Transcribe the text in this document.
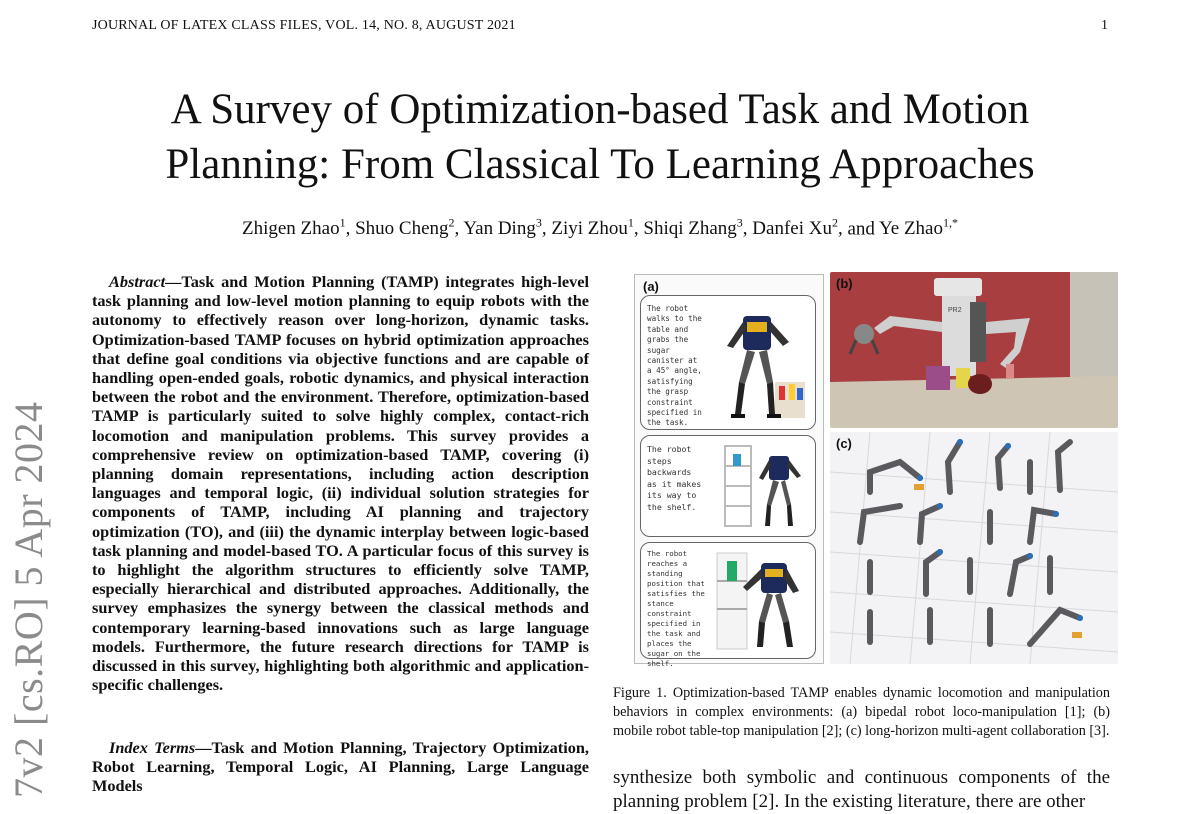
JOURNAL OF LATEX CLASS FILES, VOL. 14, NO. 8, AUGUST 2021	1
A Survey of Optimization-based Task and Motion
Planning: From Classical To Learning Approaches
Zhigen Zhao$^1$, Shuo Cheng$^2$, Yan Ding$^3$, Ziyi Zhou$^1$, Shiqi Zhang$^3$, Danfei Xu$^2$, and Ye Zhao$^{1,*}$
7v2 [cs.RO] 5 Apr 2024

Abstract—Task and Motion Planning (TAMP) integrates high-level task planning and low-level motion planning to equip robots with the autonomy to effectively reason over long-horizon, dynamic tasks. Optimization-based TAMP focuses on hybrid optimization approaches that define goal conditions via objective functions and are capable of handling open-ended goals, robotic dynamics, and physical interaction between the robot and the environment. Therefore, optimization-based TAMP is particularly suited to solve highly complex, contact-rich locomotion and manipulation problems. This survey provides a comprehensive review on optimization-based TAMP, covering (i) planning domain representations, including action description languages and temporal logic, (ii) individual solution strategies for components of TAMP, including AI planning and trajectory optimization (TO), and (iii) the dynamic interplay between logic-based task planning and model-based TO. A particular focus of this survey is to highlight the algorithm structures to efficiently solve TAMP, especially hierarchical and distributed approaches. Additionally, the survey emphasizes the synergy between the classical methods and contemporary learning-based innovations such as large language models. Furthermore, the future research directions for TAMP is discussed in this survey, highlighting both algorithmic and application-specific challenges.

Index Terms—Task and Motion Planning, Trajectory Optimization, Robot Learning, Temporal Logic, AI Planning, Large Language Models

(a)
The robot walks to the table and grabs the sugar canister at a 45° angle, satisfying the grasp constraint specified in the task.
The robot steps backwards as it makes its way to the shelf.
The robot reaches a standing position that satisfies the stance constraint specified in the task and places the sugar on the shelf.
PR2
(b)
(c)

Figure 1. Optimization-based TAMP enables dynamic locomotion and manipulation behaviors in complex environments: (a) bipedal robot loco-manipulation [1]; (b) mobile robot table-top manipulation [2]; (c) long-horizon multi-agent collaboration [3].

synthesize both symbolic and continuous components of the planning problem [2]. In the existing literature, there are other
